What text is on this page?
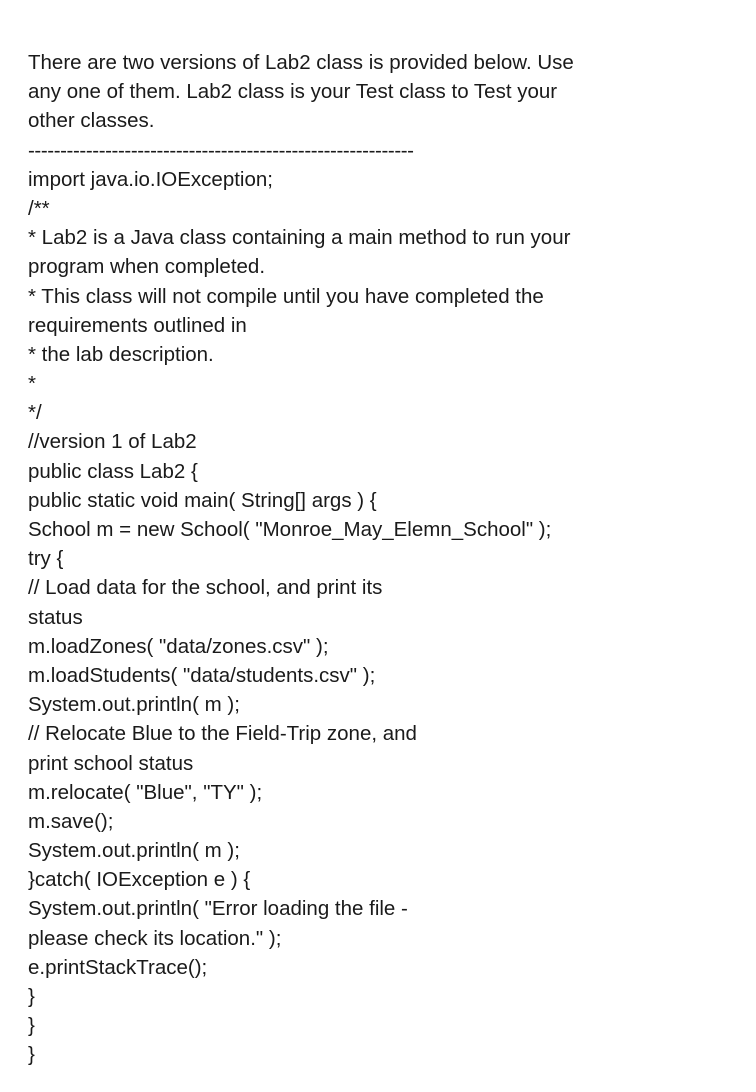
There are two versions of Lab2 class is provided below. Use
any one of them. Lab2 class is your Test class to Test your
other classes.
------------------------------------------------------------
import java.io.IOException;
/**
* Lab2 is a Java class containing a main method to run your
program when completed.
* This class will not compile until you have completed the
requirements outlined in
* the lab description.
*
*/
//version 1 of Lab2
public class Lab2 {
public static void main( String[] args ) {
School m = new School( "Monroe_May_Elemn_School" );
try {
// Load data for the school, and print its
status
m.loadZones( "data/zones.csv" );
m.loadStudents( "data/students.csv" );
System.out.println( m );
// Relocate Blue to the Field-Trip zone, and
print school status
m.relocate( "Blue", "TY" );
m.save();
System.out.println( m );
}catch( IOException e ) {
System.out.println( "Error loading the file -
please check its location." );
e.printStackTrace();
}
}
}
